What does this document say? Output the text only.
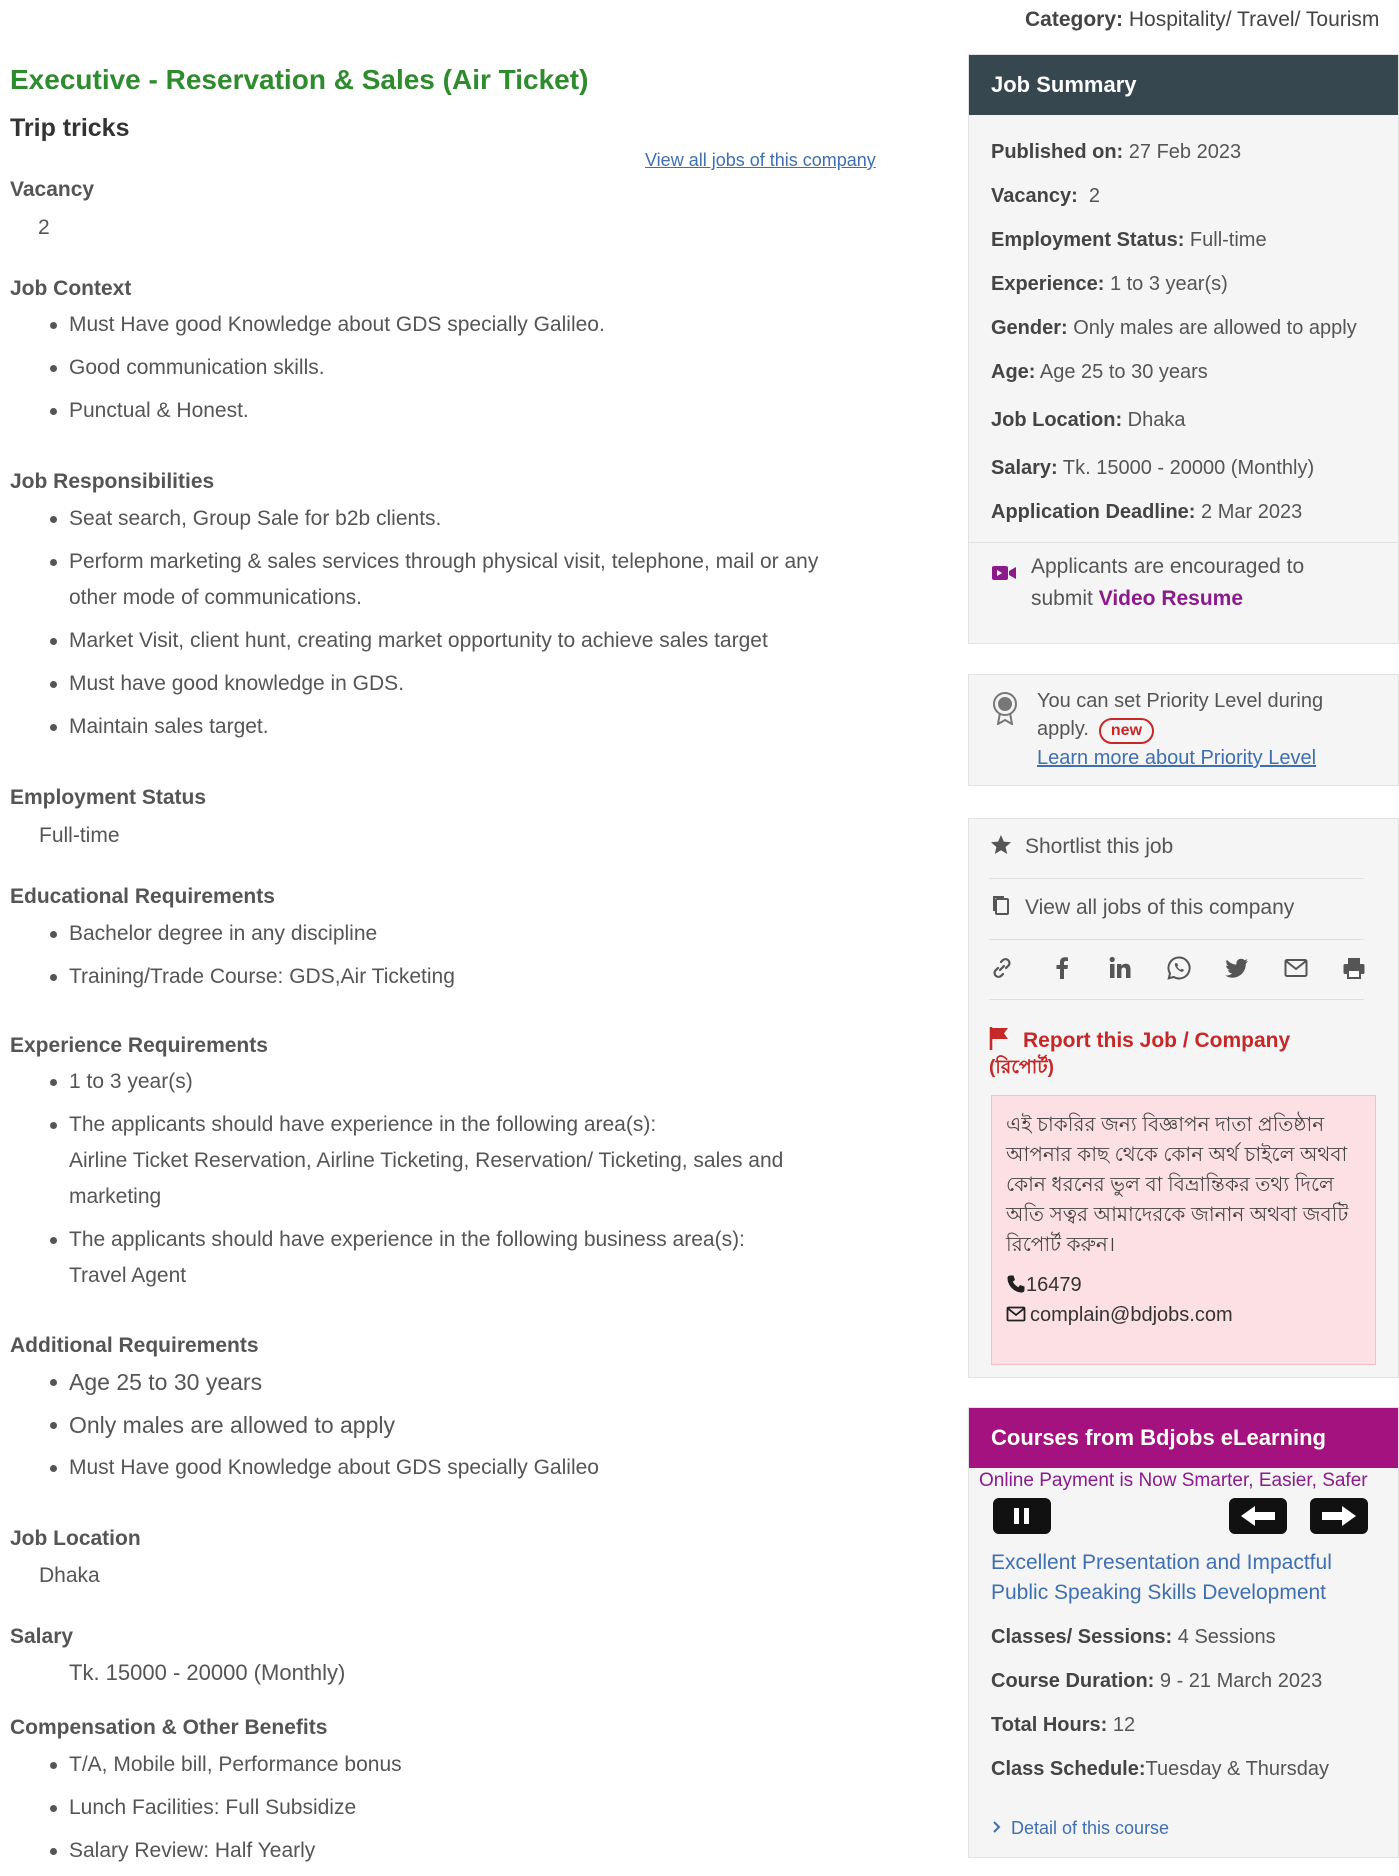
Category: Hospitality/ Travel/ Tourism
Executive - Reservation & Sales (Air Ticket)
Trip tricks
View all jobs of this company
Vacancy
2
Job Context
Must Have good Knowledge about GDS specially Galileo.
Good communication skills.
Punctual & Honest.
Job Responsibilities
Seat search, Group Sale for b2b clients.
Perform marketing & sales services through physical visit, telephone, mail or any
other mode of communications.
Market Visit, client hunt, creating market opportunity to achieve sales target
Must have good knowledge in GDS.
Maintain sales target.
Employment Status
Full-time
Educational Requirements
Bachelor degree in any discipline
Training/Trade Course: GDS,Air Ticketing
Experience Requirements
1 to 3 year(s)
The applicants should have experience in the following area(s):
Airline Ticket Reservation, Airline Ticketing, Reservation/ Ticketing, sales and
marketing
The applicants should have experience in the following business area(s):
Travel Agent
Additional Requirements
Age 25 to 30 years
Only males are allowed to apply
Must Have good Knowledge about GDS specially Galileo
Job Location
Dhaka
Salary
Tk. 15000 - 20000 (Monthly)
Compensation & Other Benefits
T/A, Mobile bill, Performance bonus
Lunch Facilities: Full Subsidize
Salary Review: Half Yearly
Job Summary
Published on: 27 Feb 2023
Vacancy:  2
Employment Status: Full-time
Experience: 1 to 3 year(s)
Gender: Only males are allowed to apply
Age: Age 25 to 30 years
Job Location: Dhaka
Salary: Tk. 15000 - 20000 (Monthly)
Application Deadline: 2 Mar 2023
Applicants are encouraged to
submit Video Resume
You can set Priority Level during
apply. new
Learn more about Priority Level
Shortlist this job
View all jobs of this company
Report this Job / Company
(রিপোর্ট)
এই চাকরির জন্য বিজ্ঞাপন দাতা প্রতিষ্ঠান আপনার কাছ থেকে কোন অর্থ চাইলে অথবা কোন ধরনের ভুল বা বিভ্রান্তিকর তথ্য দিলে অতি সত্বর আমাদেরকে জানান অথবা জবটি রিপোর্ট করুন।
16479
complain@bdjobs.com
Courses from Bdjobs eLearning
Online Payment is Now Smarter, Easier, Safer
Excellent Presentation and Impactful Public Speaking Skills Development
Classes/ Sessions: 4 Sessions
Course Duration: 9 - 21 March 2023
Total Hours: 12
Class Schedule:Tuesday & Thursday
Detail of this course
